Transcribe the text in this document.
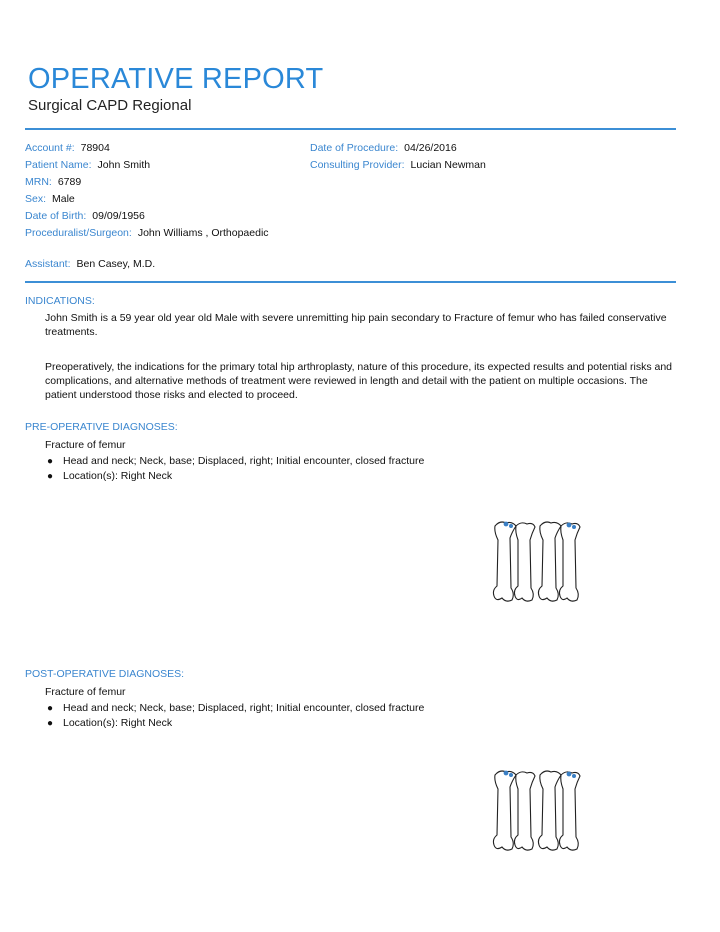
OPERATIVE REPORT
Surgical CAPD Regional
Account #: 78904
Patient Name: John Smith
MRN: 6789
Sex: Male
Date of Birth: 09/09/1956
Proceduralist/Surgeon: John Williams , Orthopaedic
Date of Procedure: 04/26/2016
Consulting Provider: Lucian Newman
Assistant: Ben Casey, M.D.
INDICATIONS:

John Smith is a 59 year old year old Male with severe unremitting hip pain secondary to Fracture of femur who has failed conservative treatments.

Preoperatively, the indications for the primary total hip arthroplasty, nature of this procedure, its expected results and potential risks and complications, and alternative methods of treatment were reviewed in length and detail with the patient on multiple occasions. The patient understood those risks and elected to proceed.

PRE-OPERATIVE DIAGNOSES:
Fracture of femur
● Head and neck; Neck, base; Displaced, right; Initial encounter, closed fracture
● Location(s): Right Neck
POST-OPERATIVE DIAGNOSES:
Fracture of femur
● Head and neck; Neck, base; Displaced, right; Initial encounter, closed fracture
● Location(s): Right Neck
